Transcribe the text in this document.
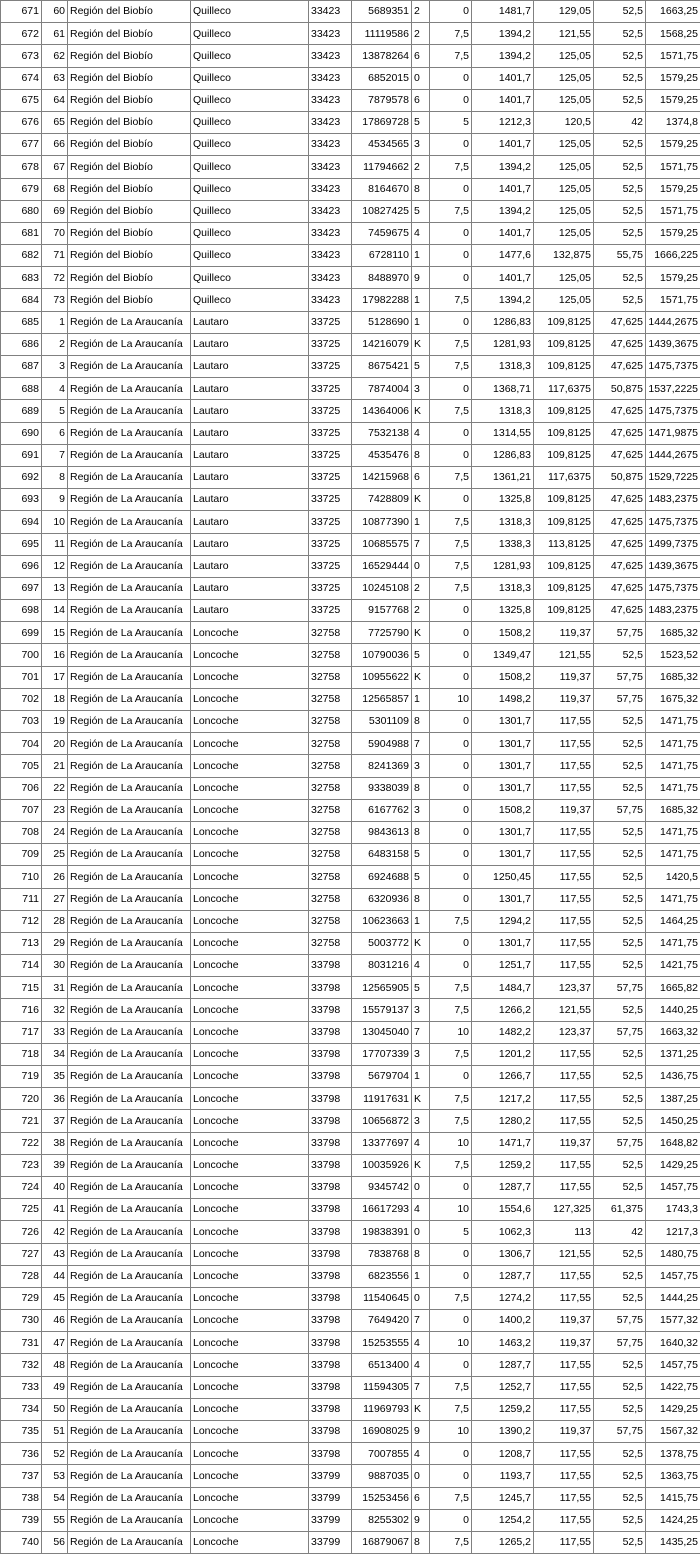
671	60	Región del Biobío	Quilleco	33423	5689351	2	0	1481,7	129,05	52,5	1663,25
672	61	Región del Biobío	Quilleco	33423	11119586	2	7,5	1394,2	121,55	52,5	1568,25
673	62	Región del Biobío	Quilleco	33423	13878264	6	7,5	1394,2	125,05	52,5	1571,75
674	63	Región del Biobío	Quilleco	33423	6852015	0	0	1401,7	125,05	52,5	1579,25
675	64	Región del Biobío	Quilleco	33423	7879578	6	0	1401,7	125,05	52,5	1579,25
676	65	Región del Biobío	Quilleco	33423	17869728	5	5	1212,3	120,5	42	1374,8
677	66	Región del Biobío	Quilleco	33423	4534565	3	0	1401,7	125,05	52,5	1579,25
678	67	Región del Biobío	Quilleco	33423	11794662	2	7,5	1394,2	125,05	52,5	1571,75
679	68	Región del Biobío	Quilleco	33423	8164670	8	0	1401,7	125,05	52,5	1579,25
680	69	Región del Biobío	Quilleco	33423	10827425	5	7,5	1394,2	125,05	52,5	1571,75
681	70	Región del Biobío	Quilleco	33423	7459675	4	0	1401,7	125,05	52,5	1579,25
682	71	Región del Biobío	Quilleco	33423	6728110	1	0	1477,6	132,875	55,75	1666,225
683	72	Región del Biobío	Quilleco	33423	8488970	9	0	1401,7	125,05	52,5	1579,25
684	73	Región del Biobío	Quilleco	33423	17982288	1	7,5	1394,2	125,05	52,5	1571,75
685	1	Región de La Araucanía	Lautaro	33725	5128690	1	0	1286,83	109,8125	47,625	1444,2675
686	2	Región de La Araucanía	Lautaro	33725	14216079	K	7,5	1281,93	109,8125	47,625	1439,3675
687	3	Región de La Araucanía	Lautaro	33725	8675421	5	7,5	1318,3	109,8125	47,625	1475,7375
688	4	Región de La Araucanía	Lautaro	33725	7874004	3	0	1368,71	117,6375	50,875	1537,2225
689	5	Región de La Araucanía	Lautaro	33725	14364006	K	7,5	1318,3	109,8125	47,625	1475,7375
690	6	Región de La Araucanía	Lautaro	33725	7532138	4	0	1314,55	109,8125	47,625	1471,9875
691	7	Región de La Araucanía	Lautaro	33725	4535476	8	0	1286,83	109,8125	47,625	1444,2675
692	8	Región de La Araucanía	Lautaro	33725	14215968	6	7,5	1361,21	117,6375	50,875	1529,7225
693	9	Región de La Araucanía	Lautaro	33725	7428809	K	0	1325,8	109,8125	47,625	1483,2375
694	10	Región de La Araucanía	Lautaro	33725	10877390	1	7,5	1318,3	109,8125	47,625	1475,7375
695	11	Región de La Araucanía	Lautaro	33725	10685575	7	7,5	1338,3	113,8125	47,625	1499,7375
696	12	Región de La Araucanía	Lautaro	33725	16529444	0	7,5	1281,93	109,8125	47,625	1439,3675
697	13	Región de La Araucanía	Lautaro	33725	10245108	2	7,5	1318,3	109,8125	47,625	1475,7375
698	14	Región de La Araucanía	Lautaro	33725	9157768	2	0	1325,8	109,8125	47,625	1483,2375
699	15	Región de La Araucanía	Loncoche	32758	7725790	K	0	1508,2	119,37	57,75	1685,32
700	16	Región de La Araucanía	Loncoche	32758	10790036	5	0	1349,47	121,55	52,5	1523,52
701	17	Región de La Araucanía	Loncoche	32758	10955622	K	0	1508,2	119,37	57,75	1685,32
702	18	Región de La Araucanía	Loncoche	32758	12565857	1	10	1498,2	119,37	57,75	1675,32
703	19	Región de La Araucanía	Loncoche	32758	5301109	8	0	1301,7	117,55	52,5	1471,75
704	20	Región de La Araucanía	Loncoche	32758	5904988	7	0	1301,7	117,55	52,5	1471,75
705	21	Región de La Araucanía	Loncoche	32758	8241369	3	0	1301,7	117,55	52,5	1471,75
706	22	Región de La Araucanía	Loncoche	32758	9338039	8	0	1301,7	117,55	52,5	1471,75
707	23	Región de La Araucanía	Loncoche	32758	6167762	3	0	1508,2	119,37	57,75	1685,32
708	24	Región de La Araucanía	Loncoche	32758	9843613	8	0	1301,7	117,55	52,5	1471,75
709	25	Región de La Araucanía	Loncoche	32758	6483158	5	0	1301,7	117,55	52,5	1471,75
710	26	Región de La Araucanía	Loncoche	32758	6924688	5	0	1250,45	117,55	52,5	1420,5
711	27	Región de La Araucanía	Loncoche	32758	6320936	8	0	1301,7	117,55	52,5	1471,75
712	28	Región de La Araucanía	Loncoche	32758	10623663	1	7,5	1294,2	117,55	52,5	1464,25
713	29	Región de La Araucanía	Loncoche	32758	5003772	K	0	1301,7	117,55	52,5	1471,75
714	30	Región de La Araucanía	Loncoche	33798	8031216	4	0	1251,7	117,55	52,5	1421,75
715	31	Región de La Araucanía	Loncoche	33798	12565905	5	7,5	1484,7	123,37	57,75	1665,82
716	32	Región de La Araucanía	Loncoche	33798	15579137	3	7,5	1266,2	121,55	52,5	1440,25
717	33	Región de La Araucanía	Loncoche	33798	13045040	7	10	1482,2	123,37	57,75	1663,32
718	34	Región de La Araucanía	Loncoche	33798	17707339	3	7,5	1201,2	117,55	52,5	1371,25
719	35	Región de La Araucanía	Loncoche	33798	5679704	1	0	1266,7	117,55	52,5	1436,75
720	36	Región de La Araucanía	Loncoche	33798	11917631	K	7,5	1217,2	117,55	52,5	1387,25
721	37	Región de La Araucanía	Loncoche	33798	10656872	3	7,5	1280,2	117,55	52,5	1450,25
722	38	Región de La Araucanía	Loncoche	33798	13377697	4	10	1471,7	119,37	57,75	1648,82
723	39	Región de La Araucanía	Loncoche	33798	10035926	K	7,5	1259,2	117,55	52,5	1429,25
724	40	Región de La Araucanía	Loncoche	33798	9345742	0	0	1287,7	117,55	52,5	1457,75
725	41	Región de La Araucanía	Loncoche	33798	16617293	4	10	1554,6	127,325	61,375	1743,3
726	42	Región de La Araucanía	Loncoche	33798	19838391	0	5	1062,3	113	42	1217,3
727	43	Región de La Araucanía	Loncoche	33798	7838768	8	0	1306,7	121,55	52,5	1480,75
728	44	Región de La Araucanía	Loncoche	33798	6823556	1	0	1287,7	117,55	52,5	1457,75
729	45	Región de La Araucanía	Loncoche	33798	11540645	0	7,5	1274,2	117,55	52,5	1444,25
730	46	Región de La Araucanía	Loncoche	33798	7649420	7	0	1400,2	119,37	57,75	1577,32
731	47	Región de La Araucanía	Loncoche	33798	15253555	4	10	1463,2	119,37	57,75	1640,32
732	48	Región de La Araucanía	Loncoche	33798	6513400	4	0	1287,7	117,55	52,5	1457,75
733	49	Región de La Araucanía	Loncoche	33798	11594305	7	7,5	1252,7	117,55	52,5	1422,75
734	50	Región de La Araucanía	Loncoche	33798	11969793	K	7,5	1259,2	117,55	52,5	1429,25
735	51	Región de La Araucanía	Loncoche	33798	16908025	9	10	1390,2	119,37	57,75	1567,32
736	52	Región de La Araucanía	Loncoche	33798	7007855	4	0	1208,7	117,55	52,5	1378,75
737	53	Región de La Araucanía	Loncoche	33799	9887035	0	0	1193,7	117,55	52,5	1363,75
738	54	Región de La Araucanía	Loncoche	33799	15253456	6	7,5	1245,7	117,55	52,5	1415,75
739	55	Región de La Araucanía	Loncoche	33799	8255302	9	0	1254,2	117,55	52,5	1424,25
740	56	Región de La Araucanía	Loncoche	33799	16879067	8	7,5	1265,2	117,55	52,5	1435,25
